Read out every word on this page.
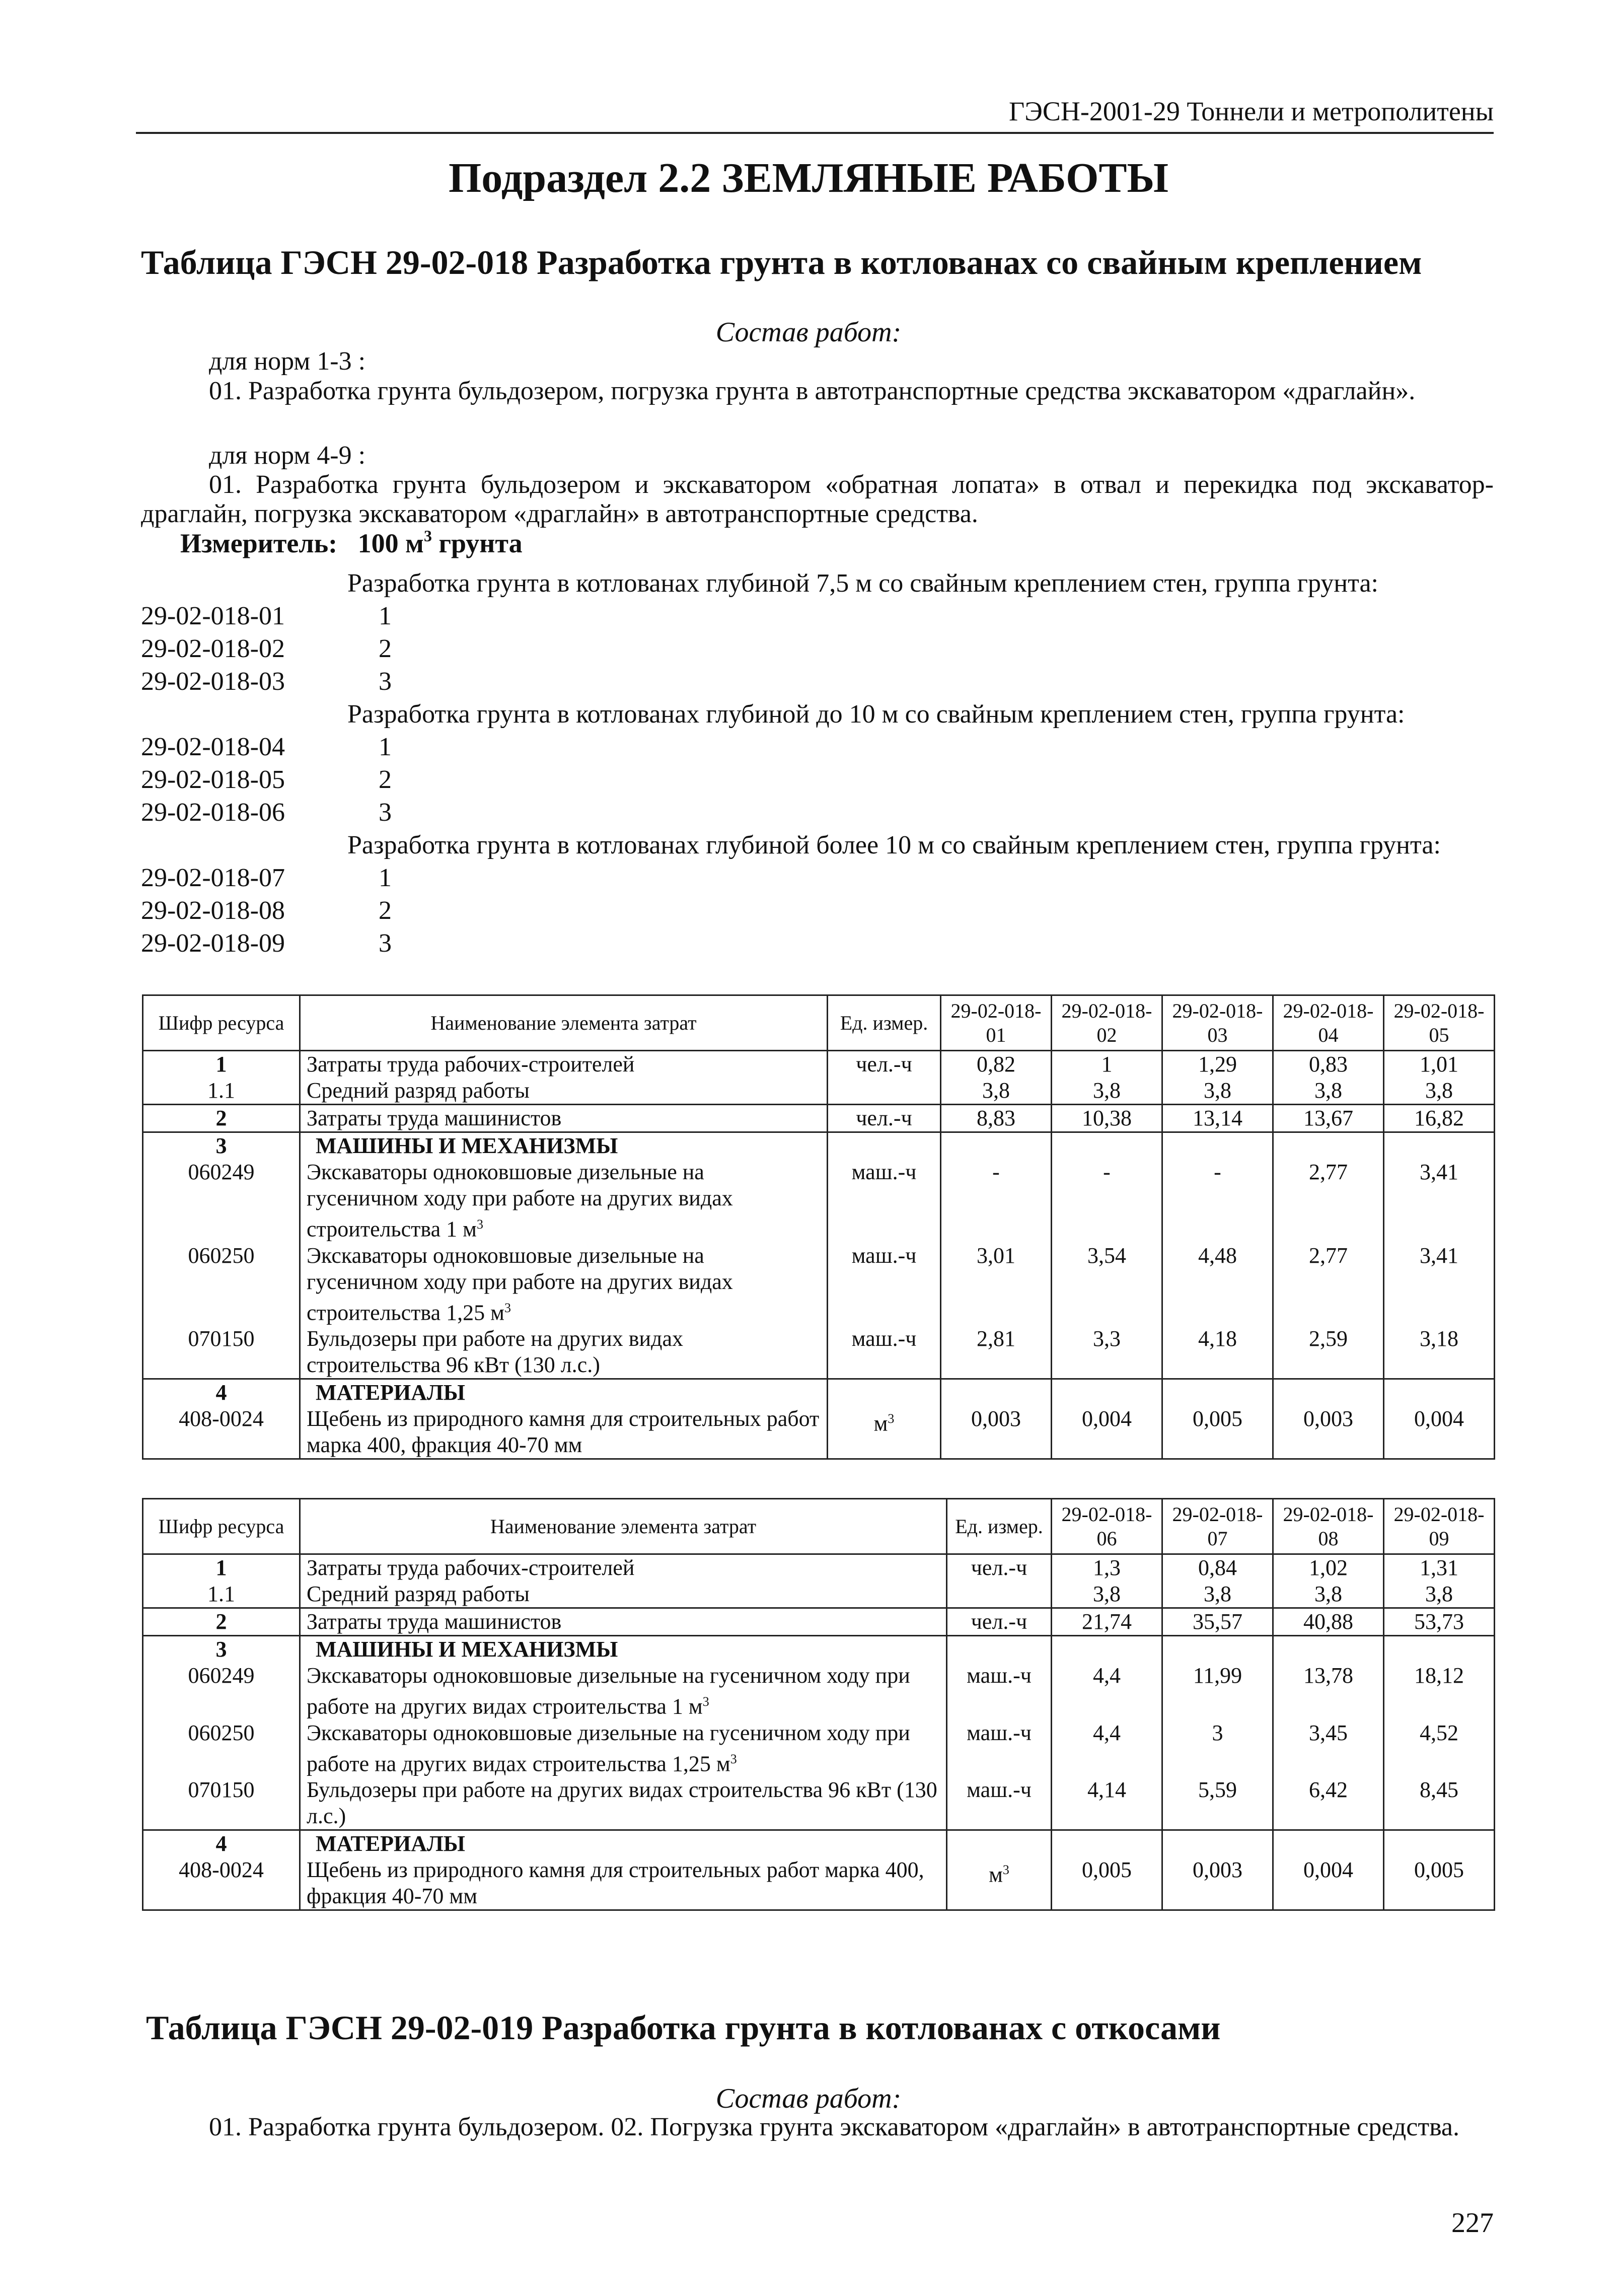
ГЭСН-2001-29 Тоннели и метрополитены
Подраздел 2.2 ЗЕМЛЯНЫЕ РАБОТЫ
Таблица ГЭСН 29-02-018 Разработка грунта в котлованах со свайным креплением
Состав работ:
для норм 1-3 :
01. Разработка грунта бульдозером, погрузка грунта в автотранспортные средства экскаватором «драглайн».
для норм 4-9 :
01. Разработка грунта бульдозером и экскаватором «обратная лопата» в отвал и перекидка под экскаватор-драглайн, погрузка экскаватором «драглайн» в автотранспортные средства.
Измеритель: 100 $м^3$ грунта
Разработка грунта в котлованах глубиной 7,5 м со свайным креплением стен, группа грунта:
29-02-018-01	1
29-02-018-02	2
29-02-018-03	3
Разработка грунта в котлованах глубиной до 10 м со свайным креплением стен, группа грунта:
29-02-018-04	1
29-02-018-05	2
29-02-018-06	3
Разработка грунта в котлованах глубиной более 10 м со свайным креплением стен, группа грунта:
29-02-018-07	1
29-02-018-08	2
29-02-018-09	3
Шифр ресурса	Наименование элемента затрат	Ед. измер.	29-02-018-01	29-02-018-02	29-02-018-03	29-02-018-04	29-02-018-05
1	Затраты труда рабочих-строителей	чел.-ч	0,82	1	1,29	0,83	1,01
1.1	Средний разряд работы		3,8	3,8	3,8	3,8	3,8
2	Затраты труда машинистов	чел.-ч	8,83	10,38	13,14	13,67	16,82
3	МАШИНЫ И МЕХАНИЗМЫ						
060249	Экскаваторы одноковшовые дизельные на гусеничном ходу при работе на других видах строительства 1 $м^3$	маш.-ч	-	-	-	2,77	3,41
060250	Экскаваторы одноковшовые дизельные на гусеничном ходу при работе на других видах строительства 1,25 $м^3$	маш.-ч	3,01	3,54	4,48	2,77	3,41
070150	Бульдозеры при работе на других видах строительства 96 кВт (130 л.с.)	маш.-ч	2,81	3,3	4,18	2,59	3,18
4	МАТЕРИАЛЫ						
408-0024	Щебень из природного камня для строительных работ марка 400, фракция 40-70 мм	$м^3$	0,003	0,004	0,005	0,003	0,004
Шифр ресурса	Наименование элемента затрат	Ед. измер.	29-02-018-06	29-02-018-07	29-02-018-08	29-02-018-09
1	Затраты труда рабочих-строителей	чел.-ч	1,3	0,84	1,02	1,31
1.1	Средний разряд работы		3,8	3,8	3,8	3,8
2	Затраты труда машинистов	чел.-ч	21,74	35,57	40,88	53,73
3	МАШИНЫ И МЕХАНИЗМЫ					
060249	Экскаваторы одноковшовые дизельные на гусеничном ходу при работе на других видах строительства 1 $м^3$	маш.-ч	4,4	11,99	13,78	18,12
060250	Экскаваторы одноковшовые дизельные на гусеничном ходу при работе на других видах строительства 1,25 $м^3$	маш.-ч	4,4	3	3,45	4,52
070150	Бульдозеры при работе на других видах строительства 96 кВт (130 л.с.)	маш.-ч	4,14	5,59	6,42	8,45
4	МАТЕРИАЛЫ					
408-0024	Щебень из природного камня для строительных работ марка 400, фракция 40-70 мм	$м^3$	0,005	0,003	0,004	0,005
Таблица ГЭСН 29-02-019 Разработка грунта в котлованах с откосами
Состав работ:
01. Разработка грунта бульдозером. 02. Погрузка грунта экскаватором «драглайн» в автотранспортные средства.
227
